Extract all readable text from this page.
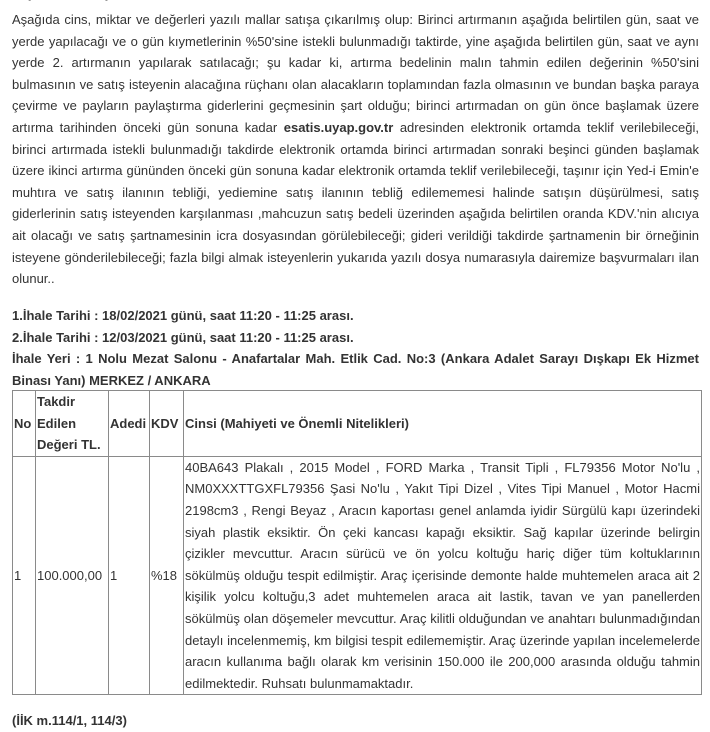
Aşağıda cins, miktar ve değerleri yazılı mallar satışa çıkarılmış olup: Birinci artırmanın aşağıda belirtilen gün, saat ve yerde yapılacağı ve o gün kıymetlerinin %50'sine istekli bulunmadığı taktirde, yine aşağıda belirtilen gün, saat ve aynı yerde 2. artırmanın yapılarak satılacağı; şu kadar ki, artırma bedelinin malın tahmin edilen değerinin %50'sini bulmasının ve satış isteyenin alacağına rüçhanı olan alacakların toplamından fazla olmasının ve bundan başka paraya çevirme ve payların paylaştırma giderlerini geçmesinin şart olduğu; birinci artırmadan on gün önce başlamak üzere artırma tarihinden önceki gün sonuna kadar esatis.uyap.gov.tr adresinden elektronik ortamda teklif verilebileceği, birinci artırmada istekli bulunmadığı takdirde elektronik ortamda birinci artırmadan sonraki beşinci günden başlamak üzere ikinci artırma gününden önceki gün sonuna kadar elektronik ortamda teklif verilebileceği, taşınır için Yed-i Emin'e muhtıra ve satış ilanının tebliği, yediemine satış ilanının tebliğ edilememesi halinde satışın düşürülmesi, satış giderlerinin satış isteyenden karşılanması ,mahcuzun satış bedeli üzerinden aşağıda belirtilen oranda KDV.'nin alıcıya ait olacağı ve satış şartnamesinin icra dosyasından görülebileceği; gideri verildiği takdirde şartnamenin bir örneğinin isteyene gönderilebileceği; fazla bilgi almak isteyenlerin yukarıda yazılı dosya numarasıyla dairemize başvurmaları ilan olunur..

1.İhale Tarihi : 18/02/2021 günü, saat 11:20 - 11:25 arası.

2.İhale Tarihi : 12/03/2021 günü, saat 11:20 - 11:25 arası.

İhale Yeri : 1 Nolu Mezat Salonu - Anafartalar Mah. Etlik Cad. No:3 (Ankara Adalet Sarayı Dışkapı Ek Hizmet Binası Yanı) MERKEZ / ANKARA

No	Takdir Edilen Değeri TL.	Adedi	KDV	Cinsi (Mahiyeti ve Önemli Nitelikleri)
1	100.000,00	1	%18	40BA643 Plakalı , 2015 Model , FORD Marka , Transit Tipli , FL79356 Motor No'lu , NM0XXXTTGXFL79356 Şasi No'lu , Yakıt Tipi Dizel , Vites Tipi Manuel , Motor Hacmi 2198cm3 , Rengi Beyaz , Aracın kaportası genel anlamda iyidir Sürgülü kapı üzerindeki siyah plastik eksiktir. Ön çeki kancası kapağı eksiktir. Sağ kapılar üzerinde belirgin çizikler mevcuttur. Aracın sürücü ve ön yolcu koltuğu hariç diğer tüm koltuklarının sökülmüş olduğu tespit edilmiştir. Araç içerisinde demonte halde muhtemelen araca ait 2 kişilik yolcu koltuğu,3 adet muhtemelen araca ait lastik, tavan ve yan panellerden sökülmüş olan döşemeler mevcuttur. Araç kilitli olduğundan ve anahtarı bulunmadığından detaylı incelenmemiş, km bilgisi tespit edilememiştir. Araç üzerinde yapılan incelemelerde aracın kullanıma bağlı olarak km verisinin 150.000 ile 200,000 arasında olduğu tahmin edilmektedir. Ruhsatı bulunmamaktadır.

(İİK m.114/1, 114/3)
